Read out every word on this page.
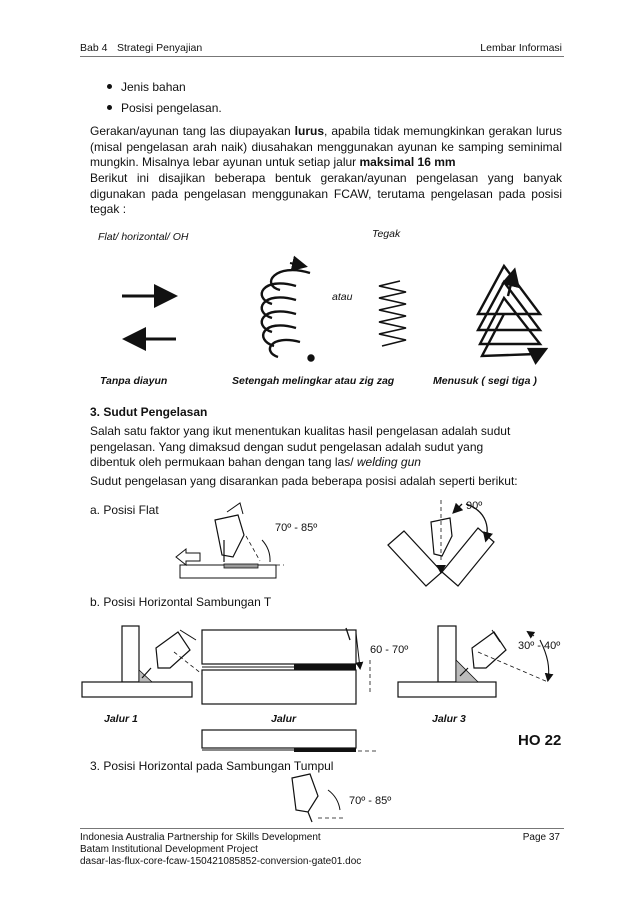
Bab 4 Strategi Penyajian	Lembar Informasi
Jenis bahan
Posisi pengelasan.
Gerakan/ayunan tang las diupayakan lurus, apabila tidak memungkinkan gerakan lurus (misal pengelasan arah naik) diusahakan menggunakan ayunan ke samping seminimal mungkin. Misalnya lebar ayunan untuk setiap jalur maksimal 16 mm
Berikut ini disajikan beberapa bentuk gerakan/ayunan pengelasan yang banyak digunakan pada pengelasan menggunakan FCAW, terutama pengelasan pada posisi tegak :
Flat/ horizontal/ OH	Tegak
atau
Tanpa diayun	Setengah melingkar atau zig zag	Menusuk ( segi tiga )
3. Sudut Pengelasan
Salah satu faktor yang ikut menentukan kualitas hasil pengelasan adalah sudut pengelasan. Yang dimaksud dengan sudut pengelasan adalah sudut yang dibentuk oleh permukaan bahan dengan tang las/ welding gun
Sudut pengelasan yang disarankan pada beberapa posisi adalah seperti berikut:
a. Posisi Flat
70º - 85º
90º
b. Posisi Horizontal Sambungan T
60 - 70º	30º - 40º
Jalur 1	Jalur	Jalur 3
HO 22
3. Posisi Horizontal pada Sambungan Tumpul
70º - 85º
Indonesia Australia Partnership for Skills Development
Batam Institutional Development Project
dasar-las-flux-core-fcaw-150421085852-conversion-gate01.doc
Page 37
